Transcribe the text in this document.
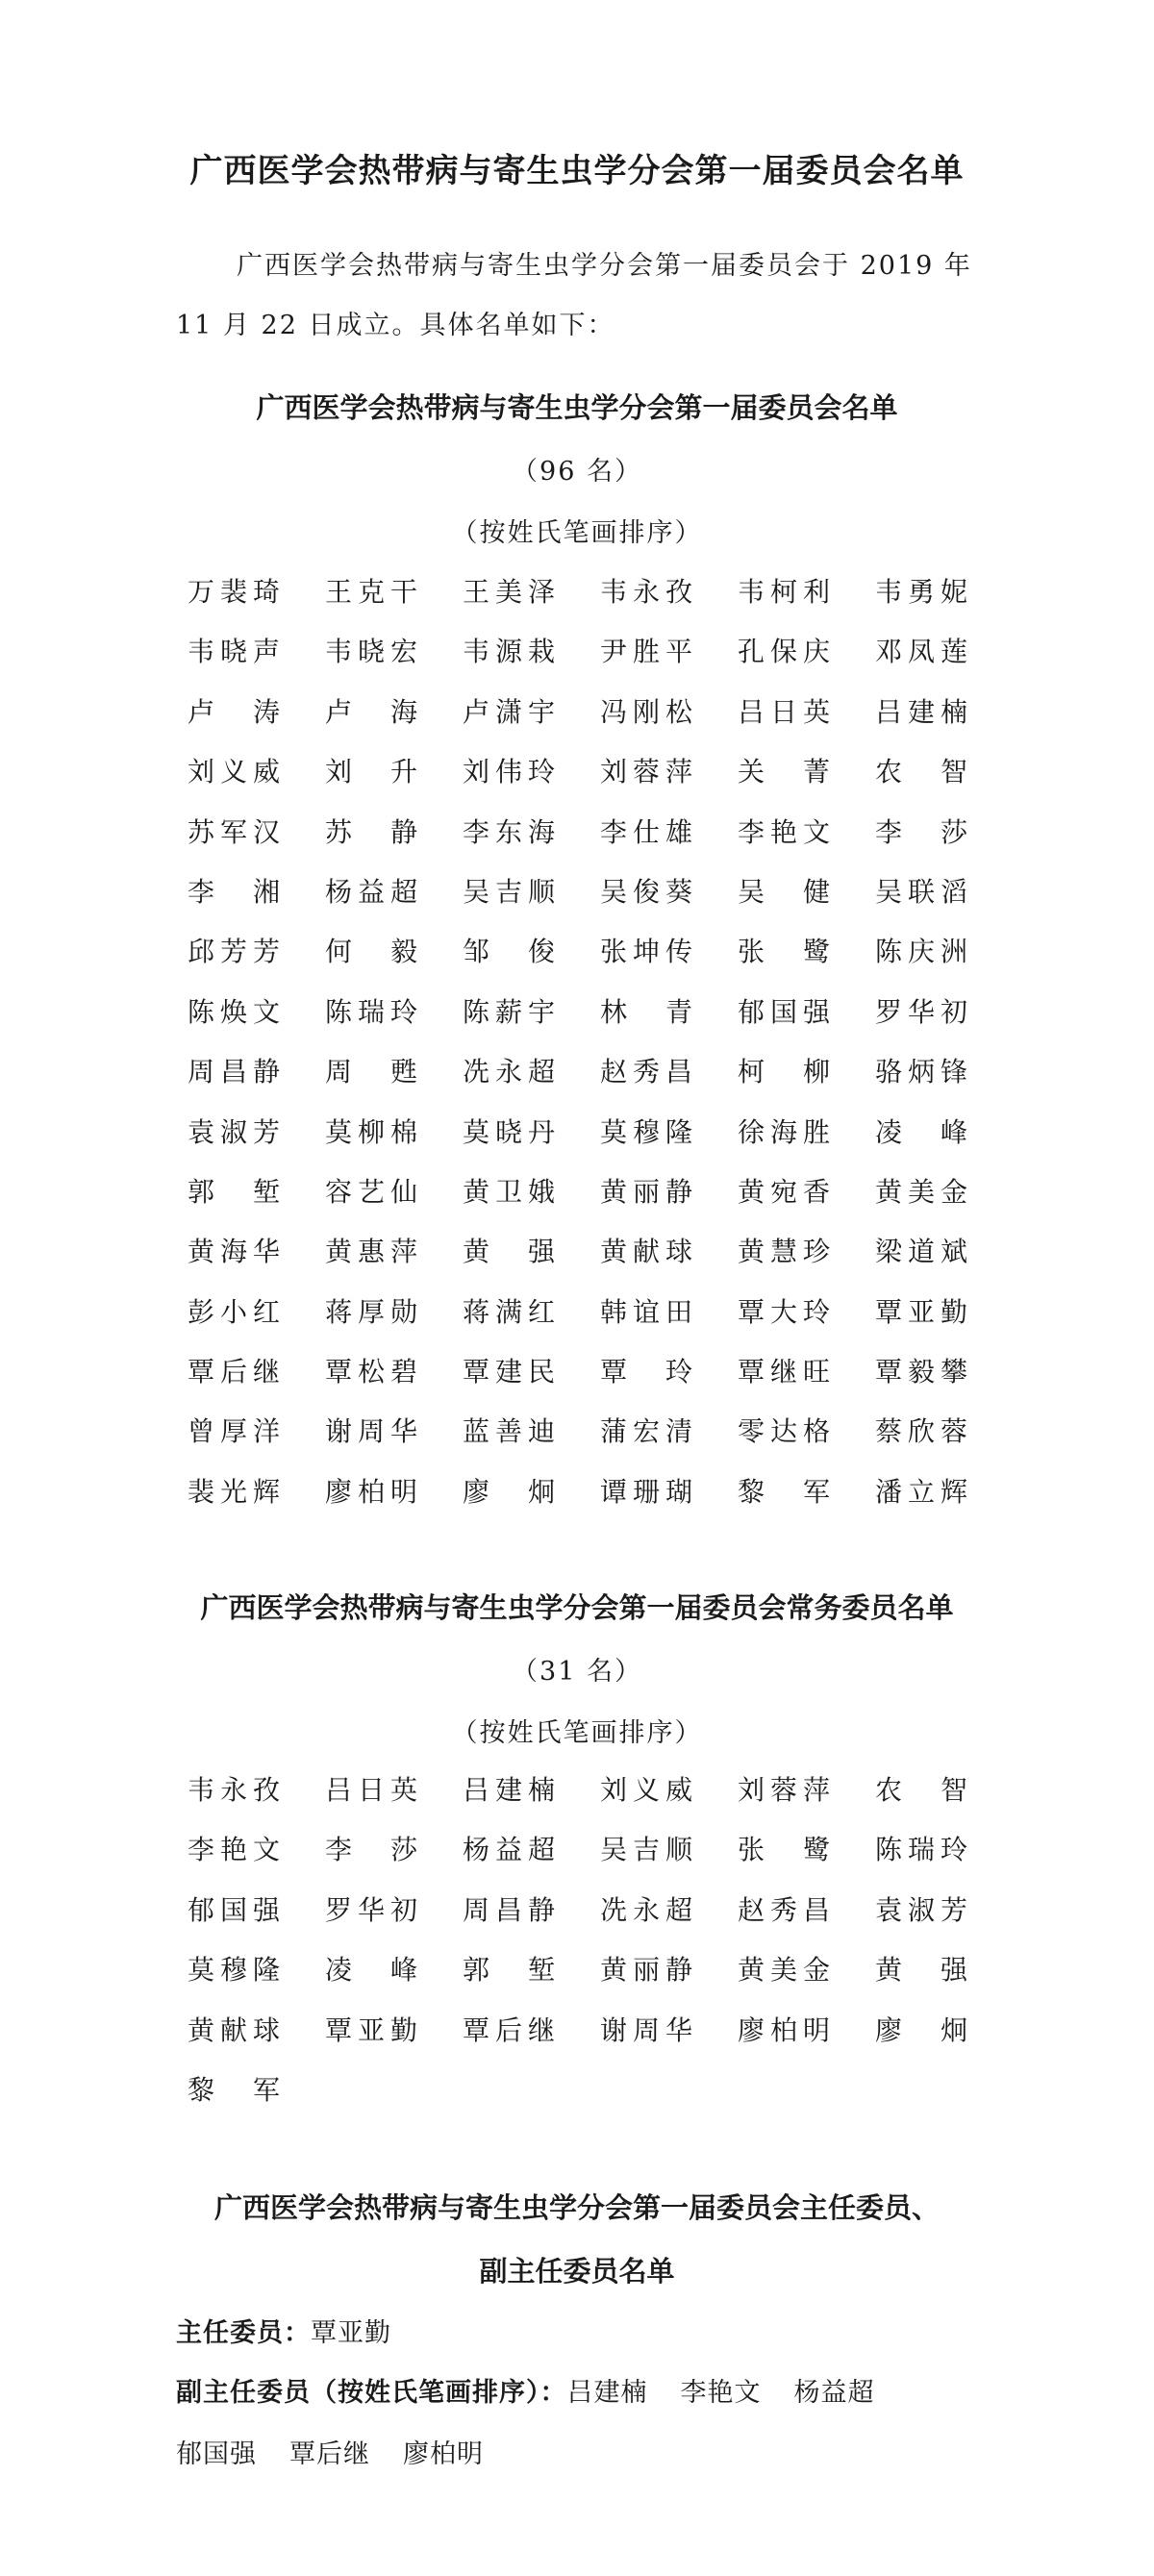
广西医学会热带病与寄生虫学分会第一届委员会名单
广西医学会热带病与寄生虫学分会第一届委员会于 2019 年 11 月 22 日成立。具体名单如下：
广西医学会热带病与寄生虫学分会第一届委员会名单
（96 名）
（按姓氏笔画排序）
万 裴 琦 王 克 干 王 美 泽 韦 永 孜 韦 柯 利 韦 勇 妮
韦 晓 声 韦 晓 宏 韦 源 栽 尹 胜 平 孔 保 庆 邓 凤 莲
卢 涛 卢 海 卢 潇 宇 冯 刚 松 吕 日 英 吕 建 楠
刘 义 威 刘 升 刘 伟 玲 刘 蓉 萍 关 菁 农 智
苏 军 汉 苏 静 李 东 海 李 仕 雄 李 艳 文 李 莎
李 湘 杨 益 超 吴 吉 顺 吴 俊 葵 吴 健 吴 联 滔
邱 芳 芳 何 毅 邹 俊 张 坤 传 张 鹭 陈 庆 洲
陈 焕 文 陈 瑞 玲 陈 薪 宇 林 青 郁 国 强 罗 华 初
周 昌 静 周 甦 冼 永 超 赵 秀 昌 柯 柳 骆 炳 锋
袁 淑 芳 莫 柳 棉 莫 晓 丹 莫 穆 隆 徐 海 胜 凌 峰
郭 堑 容 艺 仙 黄 卫 娥 黄 丽 静 黄 宛 香 黄 美 金
黄 海 华 黄 惠 萍 黄 强 黄 献 球 黄 慧 珍 梁 道 斌
彭 小 红 蒋 厚 勋 蒋 满 红 韩 谊 田 覃 大 玲 覃 亚 勤
覃 后 继 覃 松 碧 覃 建 民 覃 玲 覃 继 旺 覃 毅 攀
曾 厚 洋 谢 周 华 蓝 善 迪 蒲 宏 清 零 达 格 蔡 欣 蓉
裴 光 辉 廖 柏 明 廖 炯 谭 珊 瑚 黎 军 潘 立 辉
广西医学会热带病与寄生虫学分会第一届委员会常务委员名单
（31 名）
（按姓氏笔画排序）
韦 永 孜 吕 日 英 吕 建 楠 刘 义 威 刘 蓉 萍 农 智
李 艳 文 李 莎 杨 益 超 吴 吉 顺 张 鹭 陈 瑞 玲
郁 国 强 罗 华 初 周 昌 静 冼 永 超 赵 秀 昌 袁 淑 芳
莫 穆 隆 凌 峰 郭 堑 黄 丽 静 黄 美 金 黄 强
黄 献 球 覃 亚 勤 覃 后 继 谢 周 华 廖 柏 明 廖 炯
黎 军
广西医学会热带病与寄生虫学分会第一届委员会主任委员、
副主任委员名单
主任委员：覃亚勤
副主任委员（按姓氏笔画排序）：吕建楠 李艳文 杨益超
郁国强 覃后继 廖柏明
